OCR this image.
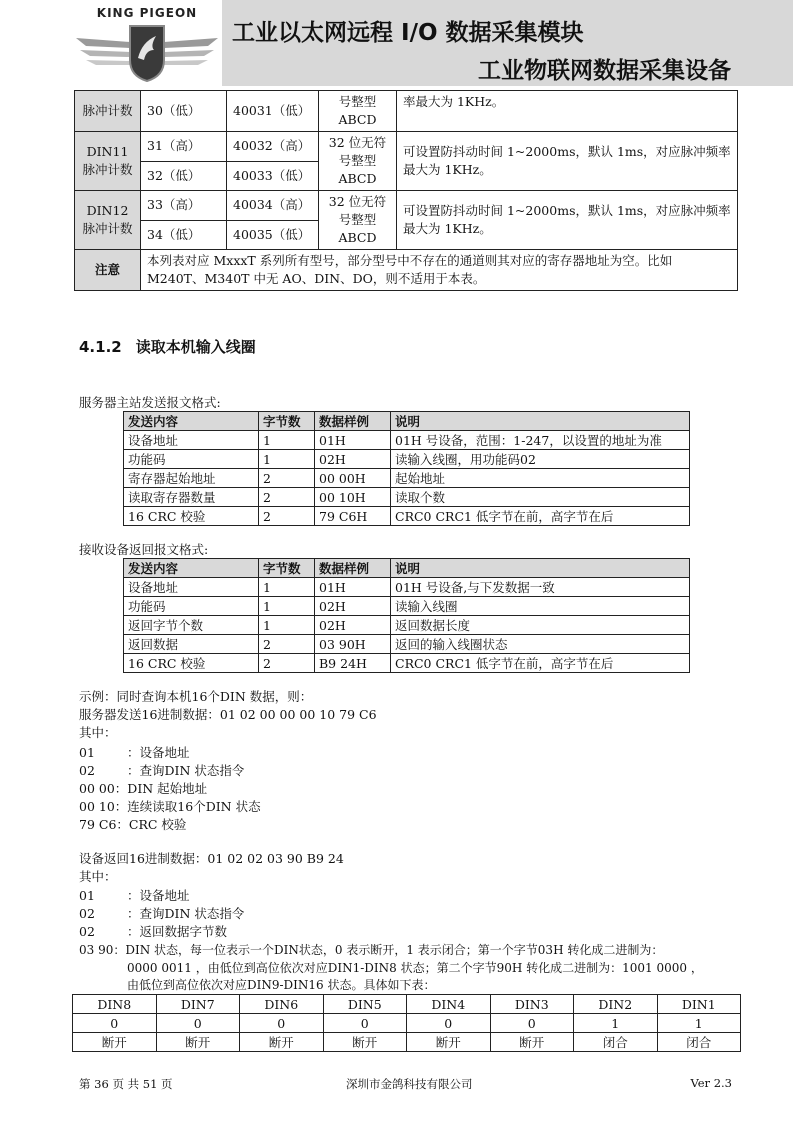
KING PIGEON
工业以太网远程 I/O 数据采集模块
工业物联网数据采集设备
脉冲计数	30（低）	40031（低）	号整型 ABCD	率最大为 1KHz。
DIN11 脉冲计数	31（高）	40032（高）	32 位无符号整型 ABCD	可设置防抖动时间 1~2000ms，默认 1ms，对应脉冲频率最大为 1KHz。
	32（低）	40033（低）		
DIN12 脉冲计数	33（高）	40034（高）	32 位无符号整型 ABCD	可设置防抖动时间 1~2000ms，默认 1ms，对应脉冲频率最大为 1KHz。
	34（低）	40035（低）		
注意	本列表对应 MxxxT 系列所有型号，部分型号中不存在的通道则其对应的寄存器地址为空。比如 M240T、M340T 中无 AO、DIN、DO，则不适用于本表。			
4.1.2 读取本机输入线圈
服务器主站发送报文格式:
发送内容	字节数	数据样例	说明
设备地址	1	01H	01H 号设备，范围：1-247，以设置的地址为准
功能码	1	02H	读输入线圈，用功能码02
寄存器起始地址	2	00 00H	起始地址
读取寄存器数量	2	00 10H	读取个数
16 CRC 校验	2	79 C6H	CRC0 CRC1 低字节在前，高字节在后
接收设备返回报文格式:
发送内容	字节数	数据样例	说明
设备地址	1	01H	01H 号设备,与下发数据一致
功能码	1	02H	读输入线圈
返回字节个数	1	02H	返回数据长度
返回数据	2	03 90H	返回的输入线圈状态
16 CRC 校验	2	B9 24H	CRC0 CRC1 低字节在前，高字节在后
示例：同时查询本机16个DIN 数据，则：
服务器发送16进制数据：01 02 00 00 00 10 79 C6
其中：
01	：设备地址
02	：查询DIN 状态指令
00 00：DIN 起始地址
00 10：连续读取16个DIN 状态
79 C6：CRC 校验
设备返回16进制数据：01 02 02 03 90 B9 24
其中：
01	：设备地址
02	：查询DIN 状态指令
02	：返回数据字节数
03 90：DIN 状态，每一位表示一个DIN状态，0 表示断开，1 表示闭合；第一个字节03H 转化成二进制为：
0000 0011 ，由低位到高位依次对应DIN1-DIN8 状态；第二个字节90H 转化成二进制为：1001 0000 ，
由低位到高位依次对应DIN9-DIN16 状态。具体如下表：
DIN8	DIN7	DIN6	DIN5	DIN4	DIN3	DIN2	DIN1
0	0	0	0	0	0	1	1
断开	断开	断开	断开	断开	断开	闭合	闭合
第 36 页 共 51 页	深圳市金鸽科技有限公司	Ver 2.3
